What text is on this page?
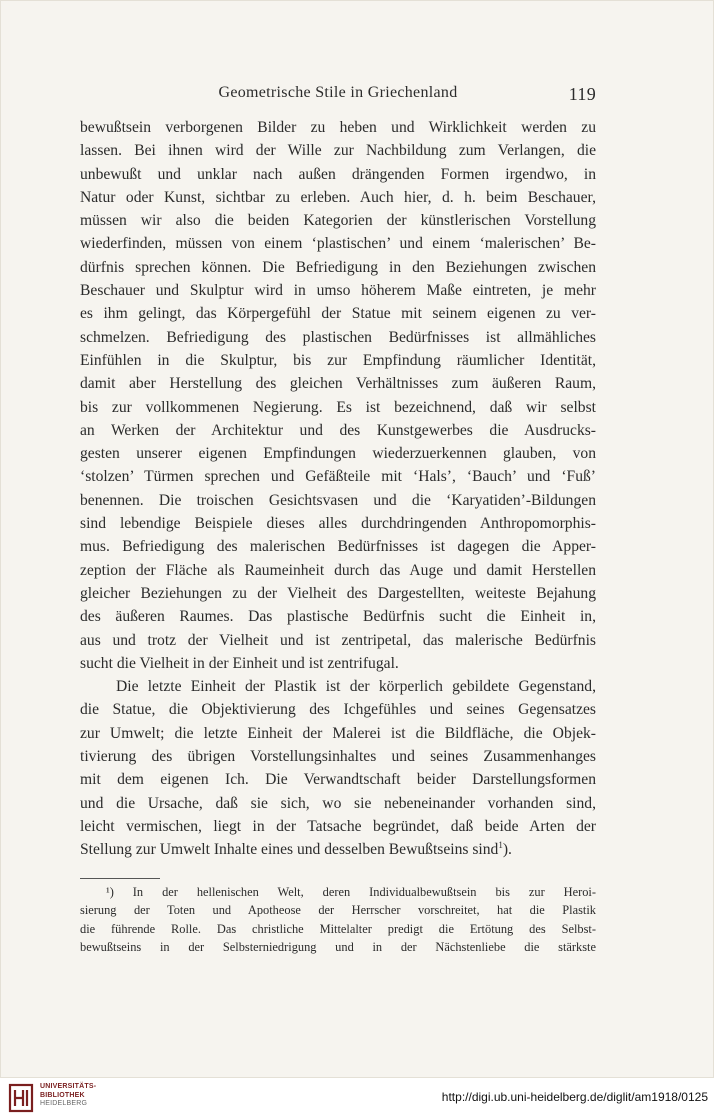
Geometrische Stile in Griechenland	119
bewußtsein verborgenen Bilder zu heben und Wirklichkeit werden zu
lassen. Bei ihnen wird der Wille zur Nachbildung zum Verlangen, die
unbewußt und unklar nach außen drängenden Formen irgendwo, in
Natur oder Kunst, sichtbar zu erleben. Auch hier, d. h. beim Beschauer,
müssen wir also die beiden Kategorien der künstlerischen Vorstellung
wiederfinden, müssen von einem ‘plastischen’ und einem ‘malerischen’ Be-
dürfnis sprechen können. Die Befriedigung in den Beziehungen zwischen
Beschauer und Skulptur wird in umso höherem Maße eintreten, je mehr
es ihm gelingt, das Körpergefühl der Statue mit seinem eigenen zu ver-
schmelzen. Befriedigung des plastischen Bedürfnisses ist allmähliches
Einfühlen in die Skulptur, bis zur Empfindung räumlicher Identität,
damit aber Herstellung des gleichen Verhältnisses zum äußeren Raum,
bis zur vollkommenen Negierung. Es ist bezeichnend, daß wir selbst
an Werken der Architektur und des Kunstgewerbes die Ausdrucks-
gesten unserer eigenen Empfindungen wiederzuerkennen glauben, von
‘stolzen’ Türmen sprechen und Gefäßteile mit ‘Hals’, ‘Bauch’ und ‘Fuß’
benennen. Die troischen Gesichtsvasen und die ‘Karyatiden’-Bildungen
sind lebendige Beispiele dieses alles durchdringenden Anthropomorphis-
mus. Befriedigung des malerischen Bedürfnisses ist dagegen die Apper-
zeption der Fläche als Raumeinheit durch das Auge und damit Herstellen
gleicher Beziehungen zu der Vielheit des Dargestellten, weiteste Bejahung
des äußeren Raumes. Das plastische Bedürfnis sucht die Einheit in,
aus und trotz der Vielheit und ist zentripetal, das malerische Bedürfnis
sucht die Vielheit in der Einheit und ist zentrifugal.
Die letzte Einheit der Plastik ist der körperlich gebildete Gegenstand,
die Statue, die Objektivierung des Ichgefühles und seines Gegensatzes
zur Umwelt; die letzte Einheit der Malerei ist die Bildfläche, die Objek-
tivierung des übrigen Vorstellungsinhaltes und seines Zusammenhanges
mit dem eigenen Ich. Die Verwandtschaft beider Darstellungsformen
und die Ursache, daß sie sich, wo sie nebeneinander vorhanden sind,
leicht vermischen, liegt in der Tatsache begründet, daß beide Arten der
Stellung zur Umwelt Inhalte eines und desselben Bewußtseins sind$^1$).
¹) In der hellenischen Welt, deren Individualbewußtsein bis zur Heroi-
sierung der Toten und Apotheose der Herrscher vorschreitet, hat die Plastik
die führende Rolle. Das christliche Mittelalter predigt die Ertötung des Selbst-
bewußtseins in der Selbsterniedrigung und in der Nächstenliebe die stärkste
UNIVERSITÄTS-
BIBLIOTHEK
HEIDELBERG	http://digi.ub.uni-heidelberg.de/diglit/am1918/0125
